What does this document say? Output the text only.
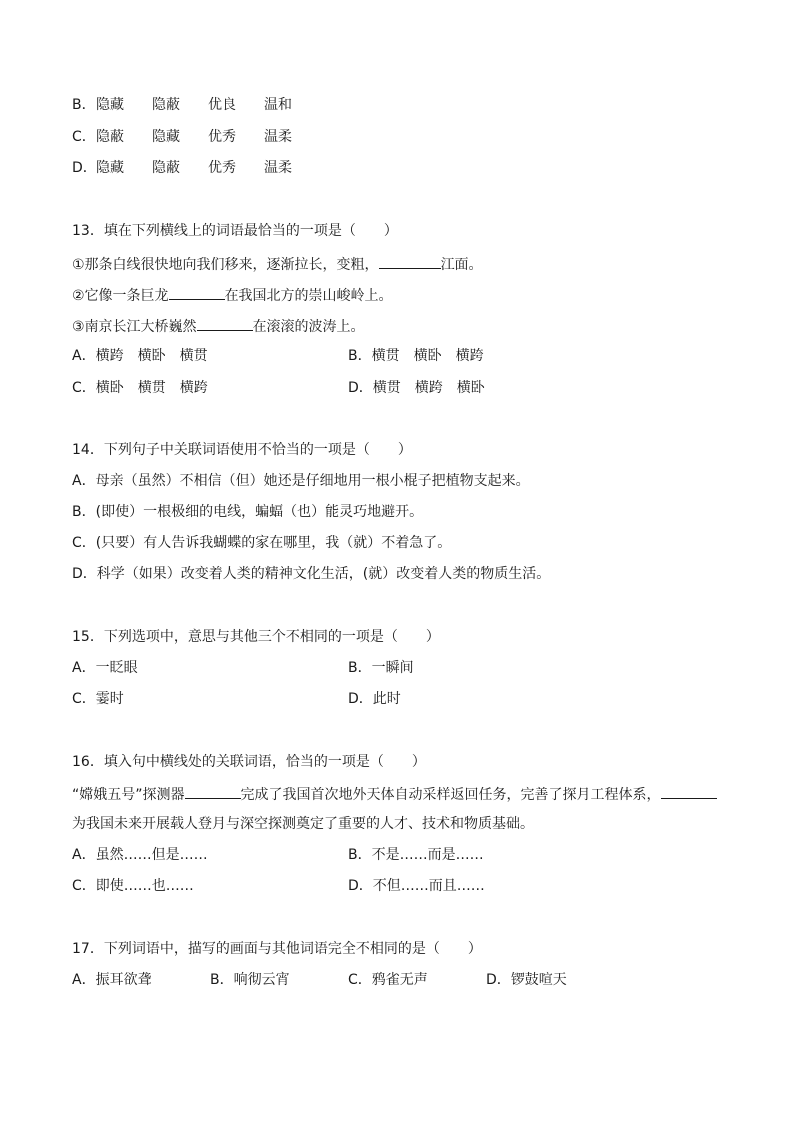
B．隐藏 隐蔽 优良 温和
C．隐蔽 隐藏 优秀 温柔
D．隐藏 隐蔽 优秀 温柔
13．填在下列横线上的词语最恰当的一项是（　　）
①那条白线很快地向我们移来，逐渐拉长，变粗，	江面。
②它像一条巨龙	在我国北方的崇山峻岭上。
③南京长江大桥巍然	在滚滚的波涛上。
A．横跨　横卧　横贯	B．横贯　横卧　横跨
C．横卧　横贯　横跨	D．横贯　横跨　横卧
14．下列句子中关联词语使用不恰当的一项是（　　）
A．母亲（虽然）不相信（但）她还是仔细地用一根小棍子把植物支起来。
B．(即使）一根极细的电线，蝙蝠（也）能灵巧地避开。
C．(只要）有人告诉我蝴蝶的家在哪里，我（就）不着急了。
D．科学（如果）改变着人类的精神文化生活，(就）改变着人类的物质生活。
15．下列选项中，意思与其他三个不相同的一项是（　　）
A．一眨眼	B．一瞬间
C．霎时	D．此时
16．填入句中横线处的关联词语，恰当的一项是（　　）
“嫦娥五号”探测器	完成了我国首次地外天体自动采样返回任务，完善了探月工程体系，
为我国未来开展载人登月与深空探测奠定了重要的人才、技术和物质基础。
A．虽然……但是……	B．不是……而是……
C．即使……也……	D．不但……而且……
17．下列词语中，描写的画面与其他词语完全不相同的是（　　）
A．振耳欲聋	B．响彻云宵	C．鸦雀无声	D．锣鼓喧天
